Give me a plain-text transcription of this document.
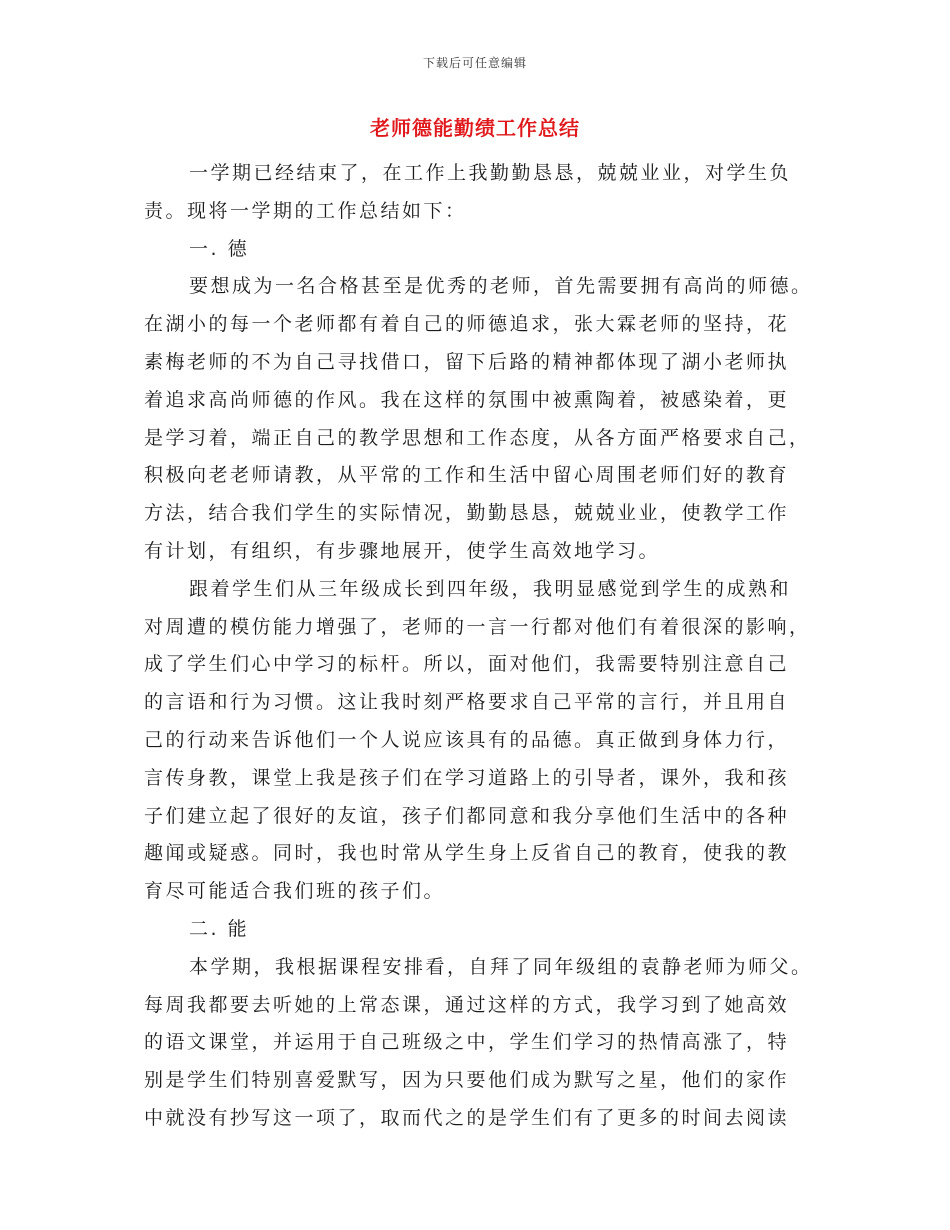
下载后可任意编辑
老师德能勤绩工作总结
一学期已经结束了，在工作上我勤勤恳恳，兢兢业业，对学生负
责。现将一学期的工作总结如下：
一. 德
要想成为一名合格甚至是优秀的老师，首先需要拥有高尚的师德。
在湖小的每一个老师都有着自己的师德追求，张大霖老师的坚持，花
素梅老师的不为自己寻找借口，留下后路的精神都体现了湖小老师执
着追求高尚师德的作风。我在这样的氛围中被熏陶着，被感染着，更
是学习着，端正自己的教学思想和工作态度，从各方面严格要求自己，
积极向老老师请教，从平常的工作和生活中留心周围老师们好的教育
方法，结合我们学生的实际情况，勤勤恳恳，兢兢业业，使教学工作
有计划，有组织，有步骤地展开，使学生高效地学习。
跟着学生们从三年级成长到四年级，我明显感觉到学生的成熟和
对周遭的模仿能力增强了，老师的一言一行都对他们有着很深的影响，
成了学生们心中学习的标杆。所以，面对他们，我需要特别注意自己
的言语和行为习惯。这让我时刻严格要求自己平常的言行，并且用自
己的行动来告诉他们一个人说应该具有的品德。真正做到身体力行，
言传身教，课堂上我是孩子们在学习道路上的引导者，课外，我和孩
子们建立起了很好的友谊，孩子们都同意和我分享他们生活中的各种
趣闻或疑惑。同时，我也时常从学生身上反省自己的教育，使我的教
育尽可能适合我们班的孩子们。
二. 能
本学期，我根据课程安排看，自拜了同年级组的袁静老师为师父。
每周我都要去听她的上常态课，通过这样的方式，我学习到了她高效
的语文课堂，并运用于自己班级之中，学生们学习的热情高涨了，特
别是学生们特别喜爱默写，因为只要他们成为默写之星，他们的家作
中就没有抄写这一项了，取而代之的是学生们有了更多的时间去阅读
